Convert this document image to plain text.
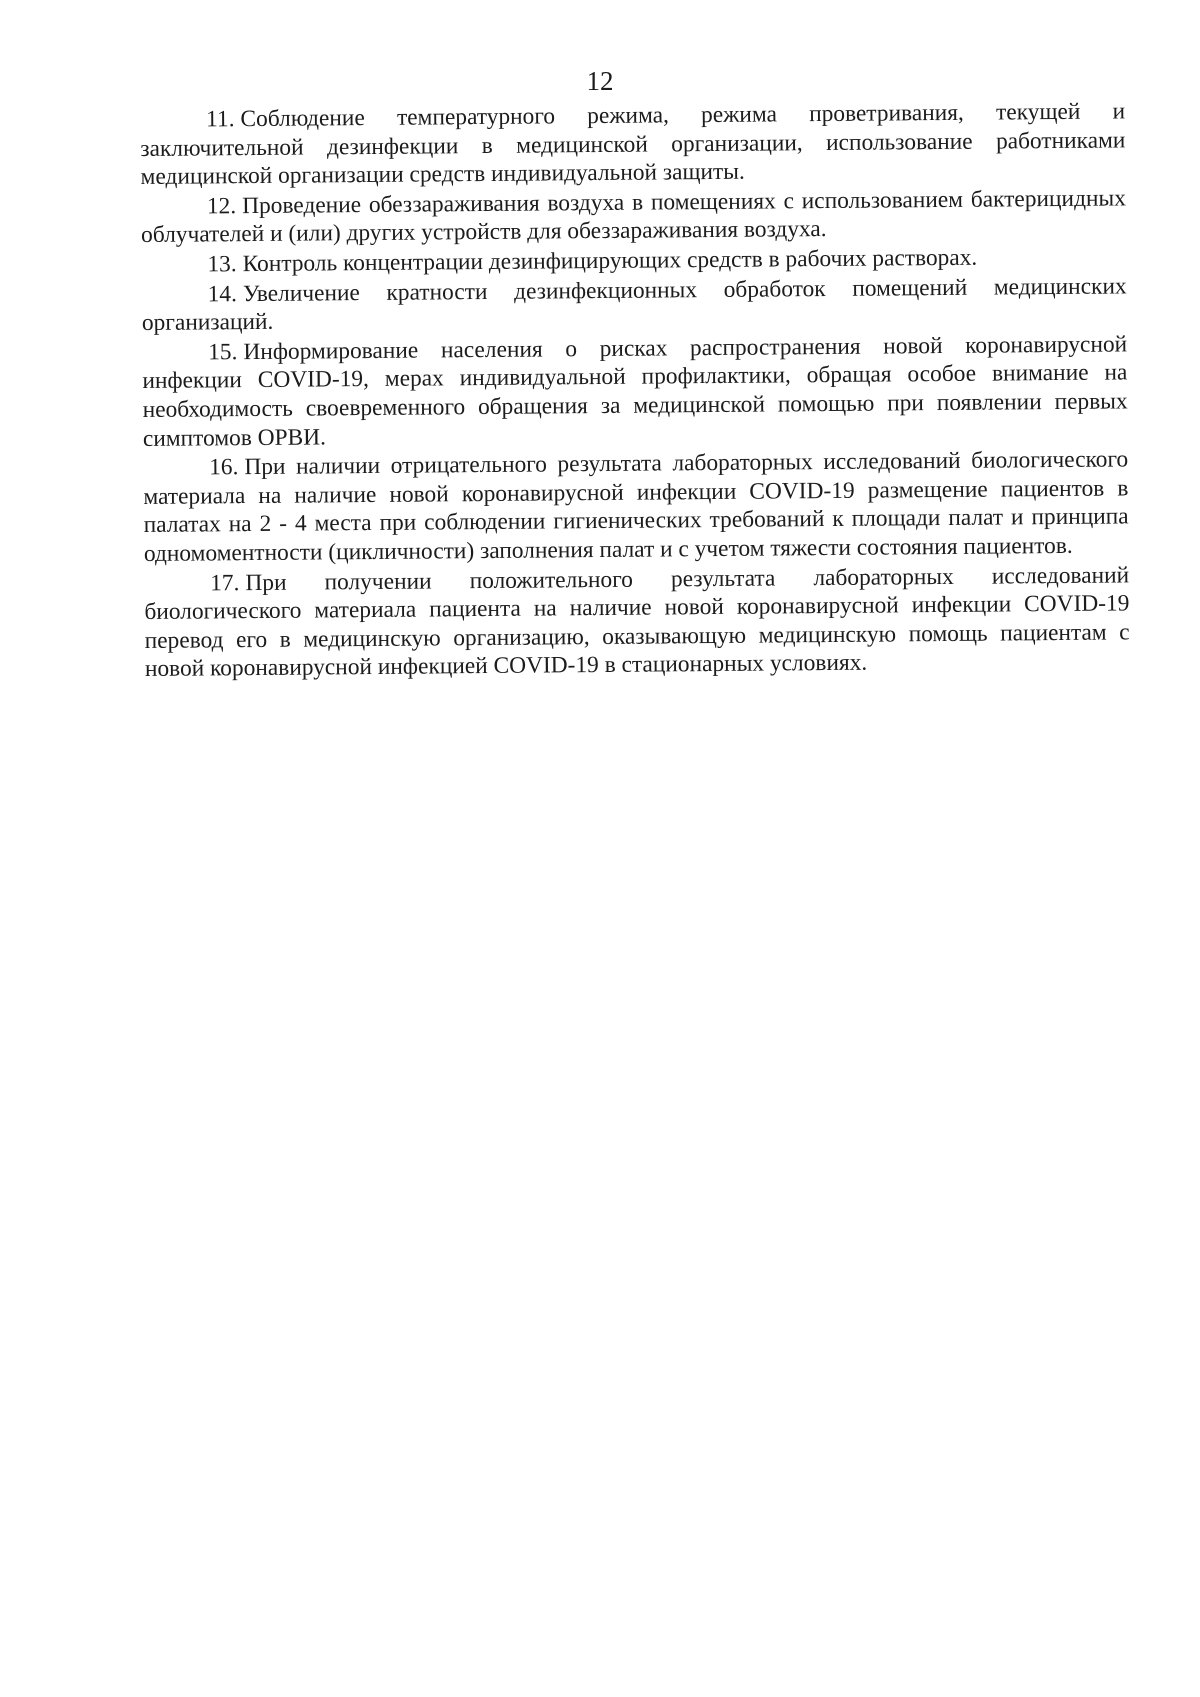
12

11. Соблюдение температурного режима, режима проветривания, текущей и заключительной дезинфекции в медицинской организации, использование работниками медицинской организации средств индивидуальной защиты.

12. Проведение обеззараживания воздуха в помещениях с использованием бактерицидных облучателей и (или) других устройств для обеззараживания воздуха.

13. Контроль концентрации дезинфицирующих средств в рабочих растворах.

14. Увеличение кратности дезинфекционных обработок помещений медицинских организаций.

15. Информирование населения о рисках распространения новой коронавирусной инфекции COVID-19, мерах индивидуальной профилактики, обращая особое внимание на необходимость своевременного обращения за медицинской помощью при появлении первых симптомов ОРВИ.

16. При наличии отрицательного результата лабораторных исследований биологического материала на наличие новой коронавирусной инфекции COVID-19 размещение пациентов в палатах на 2 - 4 места при соблюдении гигиенических требований к площади палат и принципа одномоментности (цикличности) заполнения палат и с учетом тяжести состояния пациентов.

17. При получении положительного результата лабораторных исследований биологического материала пациента на наличие новой коронавирусной инфекции COVID-19 перевод его в медицинскую организацию, оказывающую медицинскую помощь пациентам с новой коронавирусной инфекцией COVID-19 в стационарных условиях.
